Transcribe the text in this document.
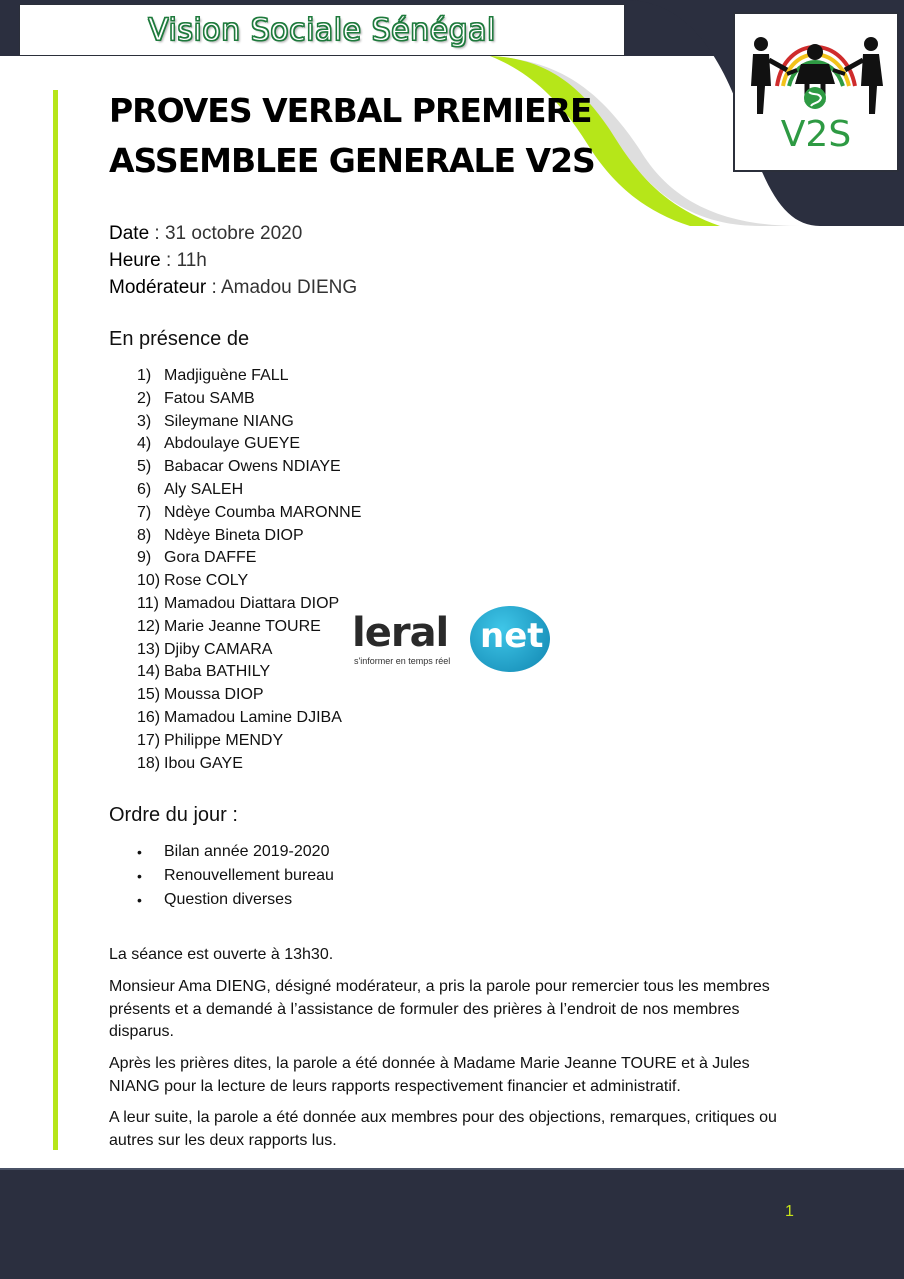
Vision Sociale Sénégal
V2S
PROVES VERBAL PREMIERE
ASSEMBLEE GENERALE V2S
Date : 31 octobre 2020
Heure : 11h
Modérateur : Amadou DIENG
En présence de
1) Madjiguène FALL
2) Fatou SAMB
3) Sileymane NIANG
4) Abdoulaye GUEYE
5) Babacar Owens NDIAYE
6) Aly SALEH
7) Ndèye Coumba MARONNE
8) Ndèye Bineta DIOP
9) Gora DAFFE
10) Rose COLY
11) Mamadou Diattara DIOP
12) Marie Jeanne TOURE
13) Djiby CAMARA
14) Baba BATHILY
15) Moussa DIOP
16) Mamadou Lamine DJIBA
17) Philippe MENDY
18) Ibou GAYE
Ordre du jour :
•	Bilan année 2019-2020
•	Renouvellement bureau
•	Question diverses
La séance est ouverte à 13h30.
Monsieur Ama DIENG, désigné modérateur, a pris la parole pour remercier tous les membres présents et a demandé à l’assistance de formuler des prières à l’endroit de nos membres disparus.
Après les prières dites, la parole a été donnée à Madame Marie Jeanne TOURE et à Jules NIANG pour la lecture de leurs rapports respectivement financier et administratif.
A leur suite, la parole a été donnée aux membres pour des objections, remarques, critiques ou autres sur les deux rapports lus.
leral net
s'informer en temps réel
1
